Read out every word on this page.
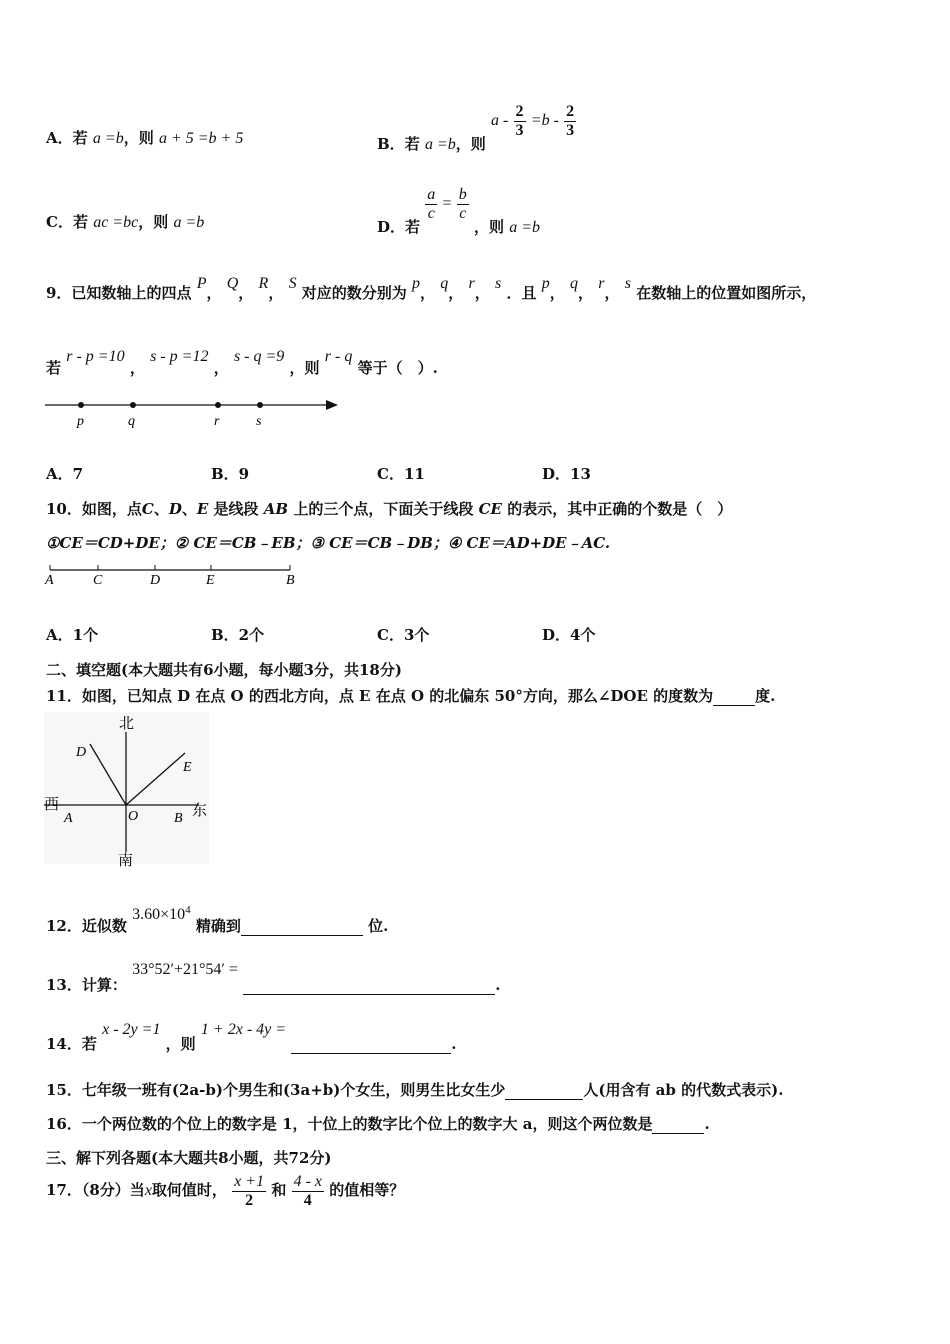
A．若 a =b，则 a + 5 =b + 5	B．若 a =b，则 $a - \frac{2}{3} =b - \frac{2}{3}$
C．若 ac =bc，则 a =b	D．若
$\frac{a}{c} = \frac{b}{c}$
，则 a =b
9．已知数轴上的四点 P， Q， R， S 对应的数分别为 p， q， r， s ．且 p， q， r， s 在数轴上的位置如图所示，
若 r - p =10 ， s - p =12 ， s - q =9 ，则 r - q 等于（　）.
p	q	r	s
A．7	B．9	C．11	D．13
10．如图，点C、D、E 是线段 AB 上的三个点，下面关于线段 CE 的表示，其中正确的个数是（　）
①CE＝CD+DE；② CE＝CB﹣EB；③ CE＝CB﹣DB；④ CE＝AD+DE﹣AC.
A	C	D	E	B
A．1个	B．2个	C．3个	D．4个
二、填空题(本大题共有6小题，每小题3分，共18分)
11．如图，已知点 D 在点 O 的西北方向，点 E 在点 O 的北偏东 50°方向，那么∠DOE 的度数为	度.
北
南
西	东
D
E
A	O	B
12．近似数 $3.60\times 10^4$ 精确到	位.
13．计算： 33°52′+21°54′ =  .
14．若 x - 2y =1 ，则 1 + 2x - 4y =  .
15．七年级一班有(2a-b)个男生和(3a+b)个女生，则男生比女生少	人(用含有 ab 的代数式表示).
16．一个两位数的个位上的数字是 1，十位上的数字比个位上的数字大 a，则这个两位数是	.
三、解下列各题(本大题共8小题，共72分)
17．（8分）当x取何值时， $\frac{x +1}{2}$ 和 $\frac{4 - x}{4}$ 的值相等？
